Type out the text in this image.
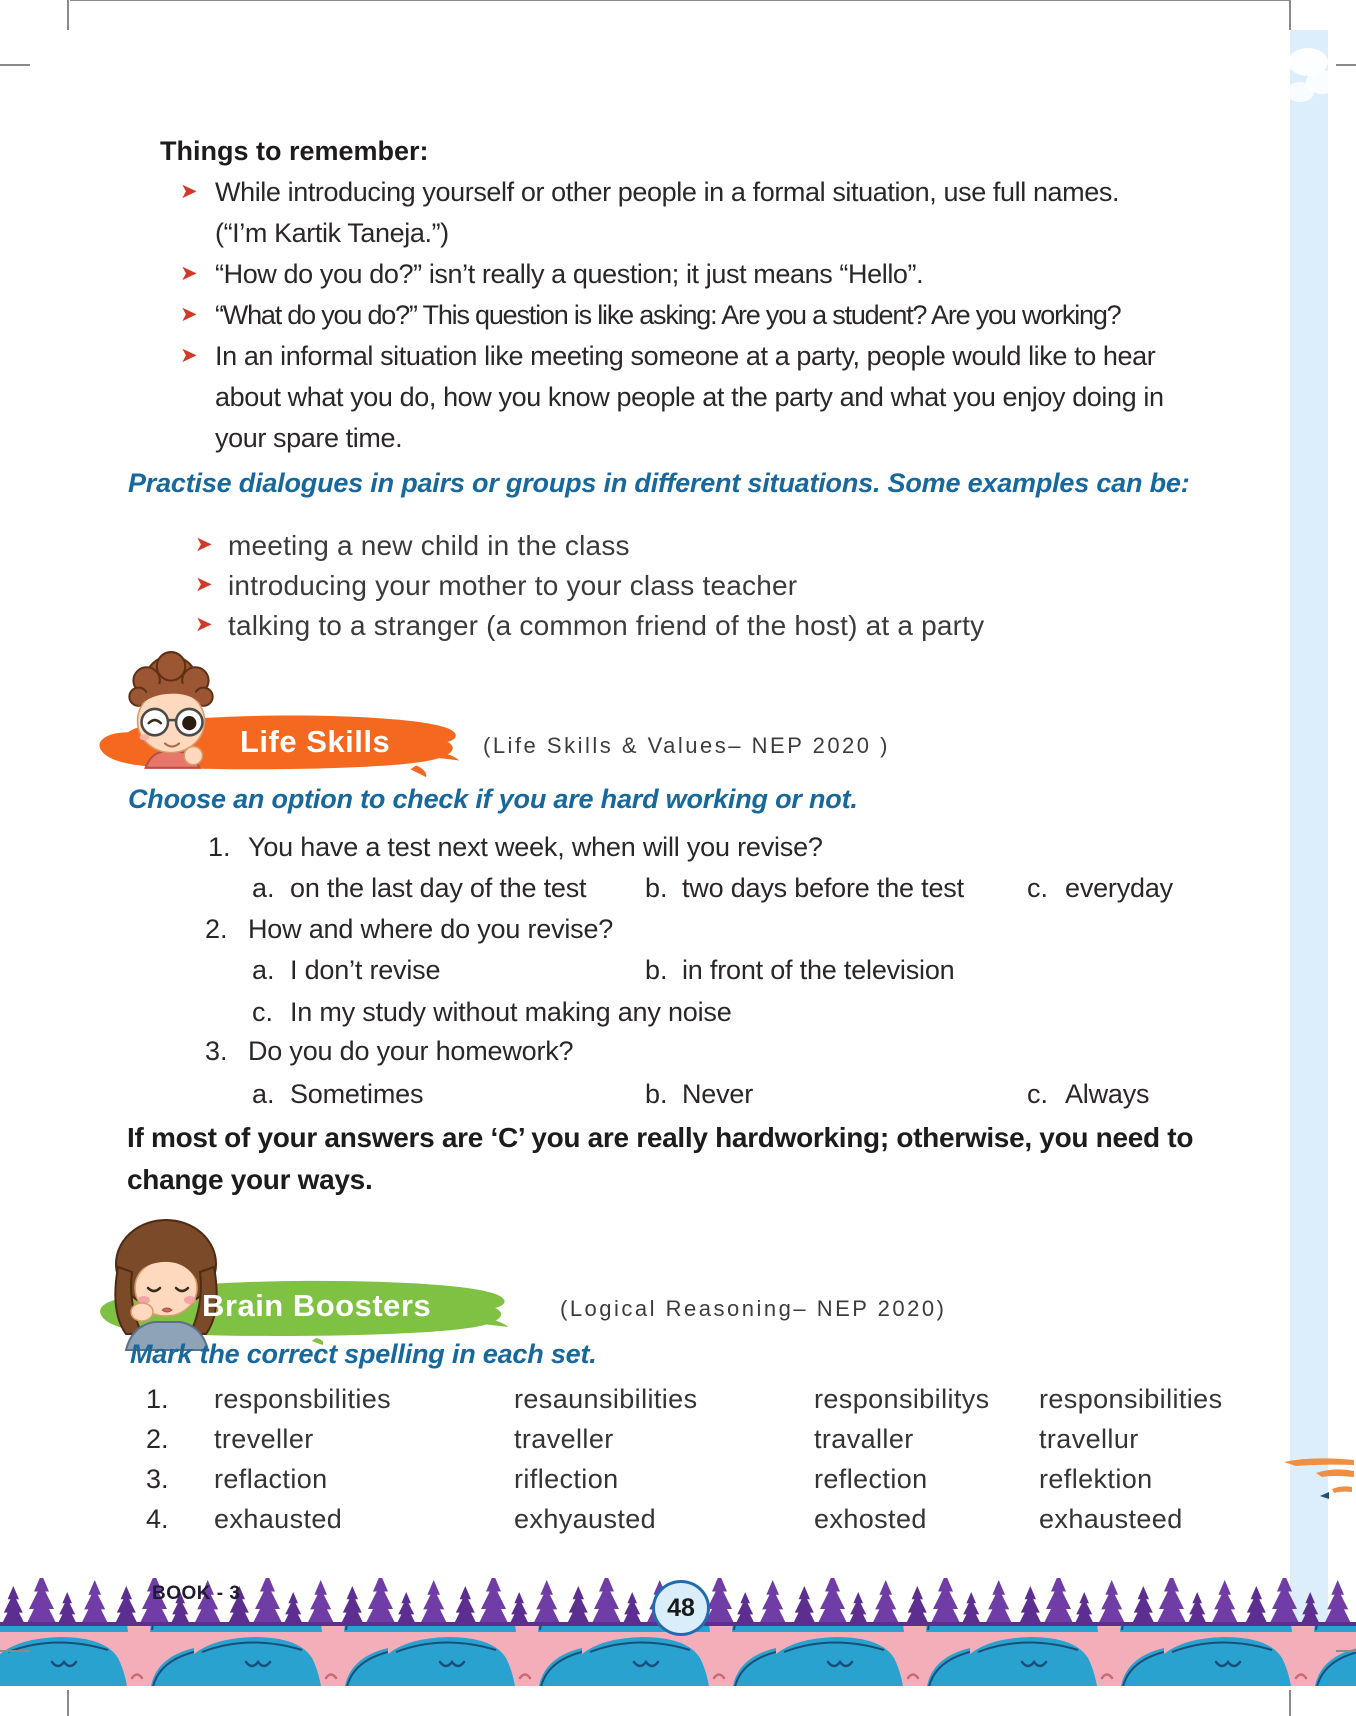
Things to remember:
➤ While introducing yourself or other people in a formal situation, use full names.
(“I’m Kartik Taneja.”)
➤ “How do you do?” isn’t really a question; it just means “Hello”.
➤ “What do you do?” This question is like asking: Are you a student? Are you working?
➤ In an informal situation like meeting someone at a party, people would like to hear
about what you do, how you know people at the party and what you enjoy doing in
your spare time.
Practise dialogues in pairs or groups in different situations. Some examples can be:
➤ meeting a new child in the class
➤ introducing your mother to your class teacher
➤ talking to a stranger (a common friend of the host) at a party
Life Skills	(Life Skills & Values– NEP 2020 )
Choose an option to check if you are hard working or not.
1. You have a test next week, when will you revise?
a. on the last day of the test b. two days before the test c. everyday
2. How and where do you revise?
a. I don’t revise	b. in front of the television
c. In my study without making any noise
3. Do you do your homework?
a. Sometimes	b. Never	c. Always
If most of your answers are ‘C’ you are really hardworking; otherwise, you need to
change your ways.
Brain Boosters	(Logical Reasoning– NEP 2020)
Mark the correct spelling in each set.
1. responsbilities	resaunsibilities	responsibilitys responsibilities
2. treveller	traveller	travaller	travellur
3. reflaction	riflection	reflection	reflektion
4. exhausted	exhyausted	exhosted	exhausteed
BOOK - 3
48
